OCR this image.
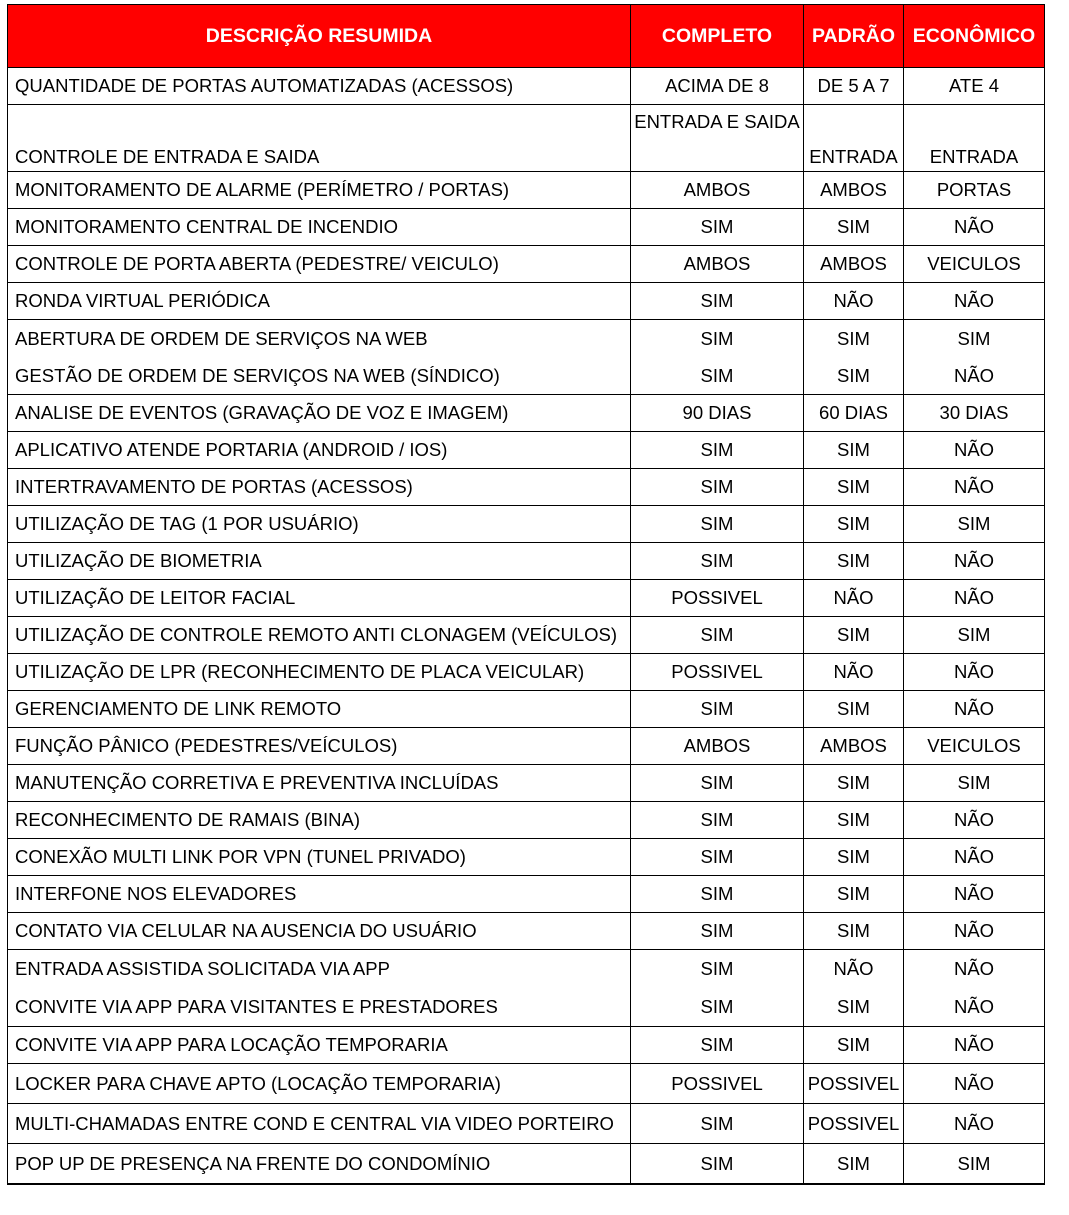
DESCRIÇÃO RESUMIDA	COMPLETO	PADRÃO	ECONÔMICO
QUANTIDADE DE PORTAS AUTOMATIZADAS (ACESSOS)	ACIMA DE 8	DE 5 A 7	ATE 4
CONTROLE DE ENTRADA E SAIDA	ENTRADA E SAIDA	ENTRADA	ENTRADA
MONITORAMENTO DE ALARME (PERÍMETRO / PORTAS)	AMBOS	AMBOS	PORTAS
MONITORAMENTO CENTRAL DE INCENDIO	SIM	SIM	NÃO
CONTROLE DE PORTA ABERTA (PEDESTRE/ VEICULO)	AMBOS	AMBOS	VEICULOS
RONDA VIRTUAL PERIÓDICA	SIM	NÃO	NÃO
ABERTURA DE ORDEM DE SERVIÇOS NA WEB	SIM	SIM	SIM
GESTÃO DE ORDEM DE SERVIÇOS NA WEB (SÍNDICO)	SIM	SIM	NÃO
ANALISE DE EVENTOS (GRAVAÇÃO DE VOZ E IMAGEM)	90 DIAS	60 DIAS	30 DIAS
APLICATIVO ATENDE PORTARIA (ANDROID / IOS)	SIM	SIM	NÃO
INTERTRAVAMENTO DE PORTAS (ACESSOS)	SIM	SIM	NÃO
UTILIZAÇÃO DE TAG (1 POR USUÁRIO)	SIM	SIM	SIM
UTILIZAÇÃO DE BIOMETRIA	SIM	SIM	NÃO
UTILIZAÇÃO DE LEITOR FACIAL	POSSIVEL	NÃO	NÃO
UTILIZAÇÃO DE CONTROLE REMOTO ANTI CLONAGEM (VEÍCULOS)	SIM	SIM	SIM
UTILIZAÇÃO DE LPR (RECONHECIMENTO DE PLACA VEICULAR)	POSSIVEL	NÃO	NÃO
GERENCIAMENTO DE LINK REMOTO	SIM	SIM	NÃO
FUNÇÃO PÂNICO (PEDESTRES/VEÍCULOS)	AMBOS	AMBOS	VEICULOS
MANUTENÇÃO CORRETIVA E PREVENTIVA INCLUÍDAS	SIM	SIM	SIM
RECONHECIMENTO DE RAMAIS (BINA)	SIM	SIM	NÃO
CONEXÃO MULTI LINK POR VPN (TUNEL PRIVADO)	SIM	SIM	NÃO
INTERFONE NOS ELEVADORES	SIM	SIM	NÃO
CONTATO VIA CELULAR NA AUSENCIA DO USUÁRIO	SIM	SIM	NÃO
ENTRADA ASSISTIDA SOLICITADA VIA APP	SIM	NÃO	NÃO
CONVITE VIA APP PARA VISITANTES E PRESTADORES	SIM	SIM	NÃO
CONVITE VIA APP PARA LOCAÇÃO TEMPORARIA	SIM	SIM	NÃO
LOCKER PARA CHAVE APTO (LOCAÇÃO TEMPORARIA)	POSSIVEL	POSSIVEL	NÃO
MULTI-CHAMADAS ENTRE COND E CENTRAL VIA VIDEO PORTEIRO	SIM	POSSIVEL	NÃO
POP UP DE PRESENÇA NA FRENTE DO CONDOMÍNIO	SIM	SIM	SIM
